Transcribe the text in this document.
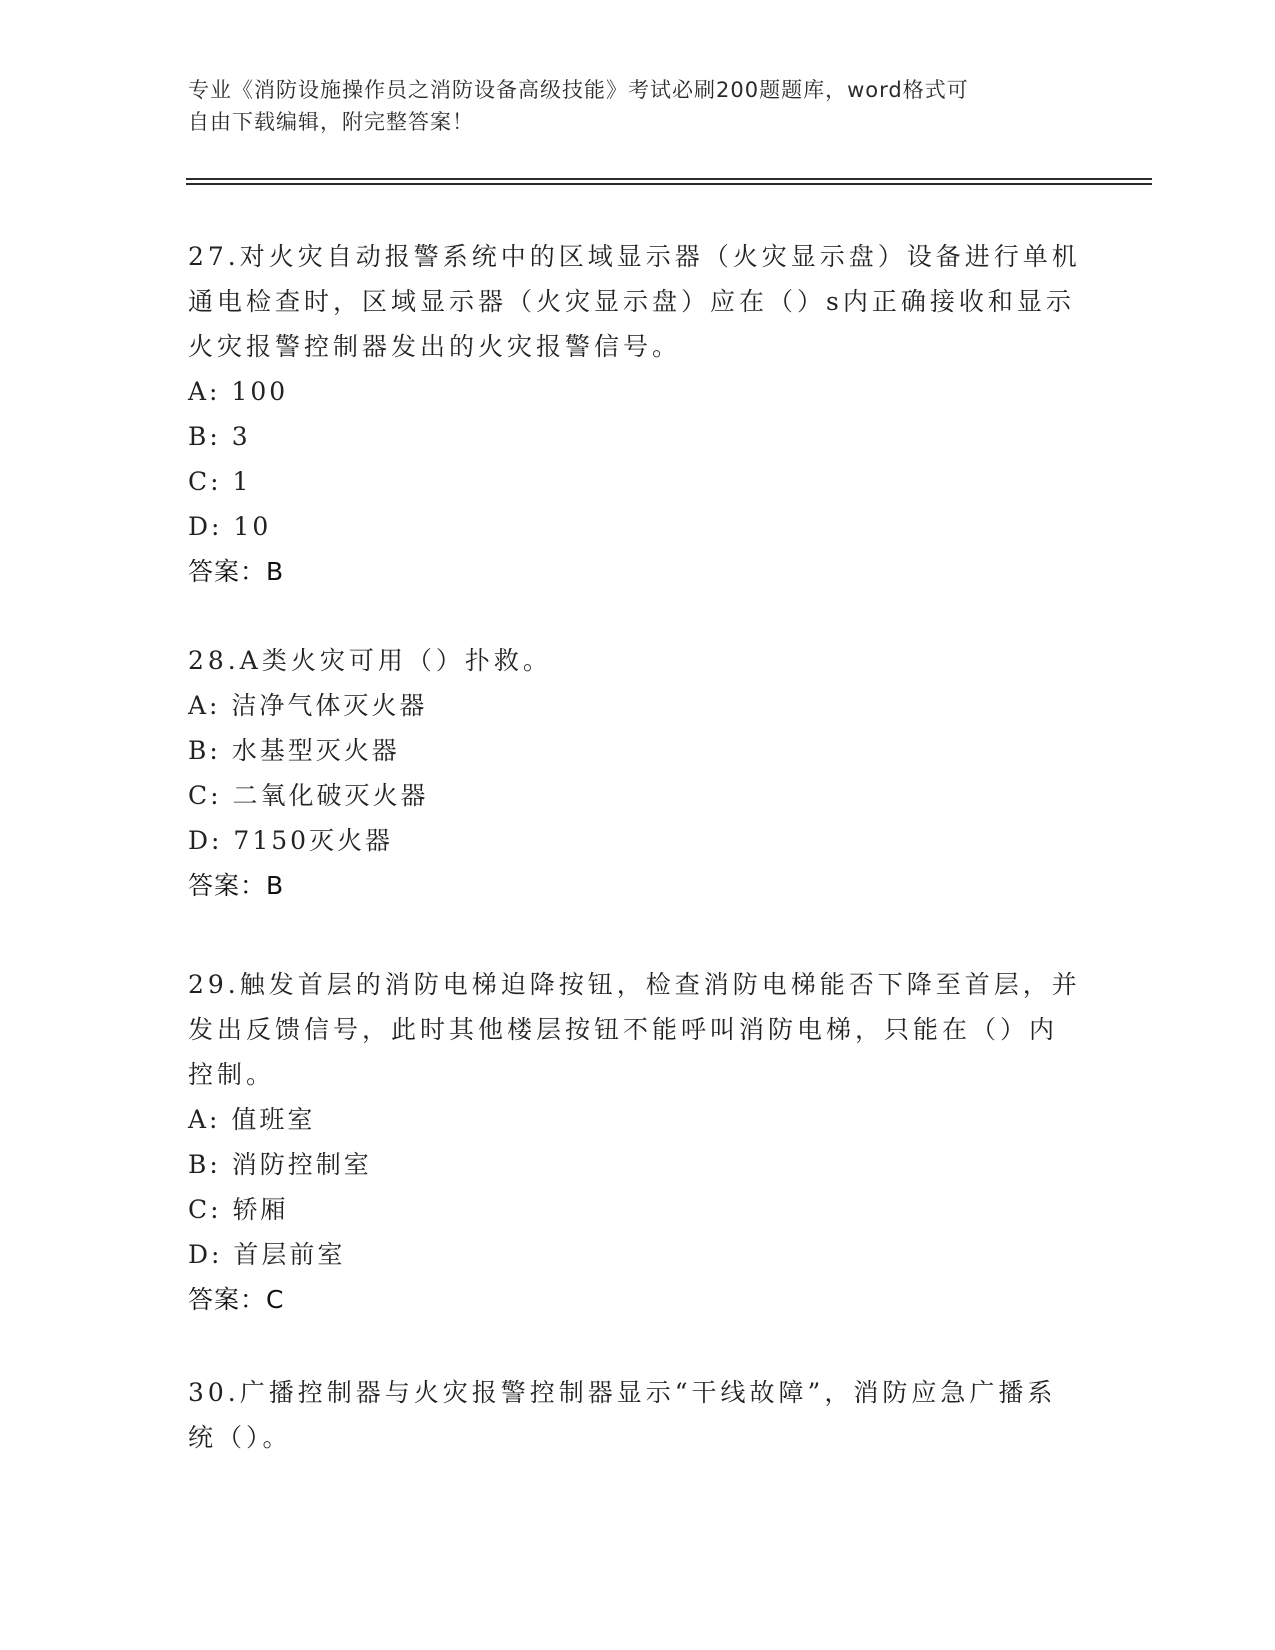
专业《消防设施操作员之消防设备高级技能》考试必刷200题题库，word格式可
自由下载编辑，附完整答案！
27.对火灾自动报警系统中的区域显示器（火灾显示盘）设备进行单机
通电检查时，区域显示器（火灾显示盘）应在（）s内正确接收和显示
火灾报警控制器发出的火灾报警信号。
A: 100
B: 3
C: 1
D: 10
答案：B
28.A类火灾可用（）扑救。
A: 洁净气体灭火器
B: 水基型灭火器
C: 二氧化破灭火器
D: 7150灭火器
答案：B
29.触发首层的消防电梯迫降按钮，检查消防电梯能否下降至首层，并
发出反馈信号，此时其他楼层按钮不能呼叫消防电梯，只能在（）内
控制。
A: 值班室
B: 消防控制室
C: 轿厢
D: 首层前室
答案：C
30.广播控制器与火灾报警控制器显示“干线故障”，消防应急广播系
统（）。
